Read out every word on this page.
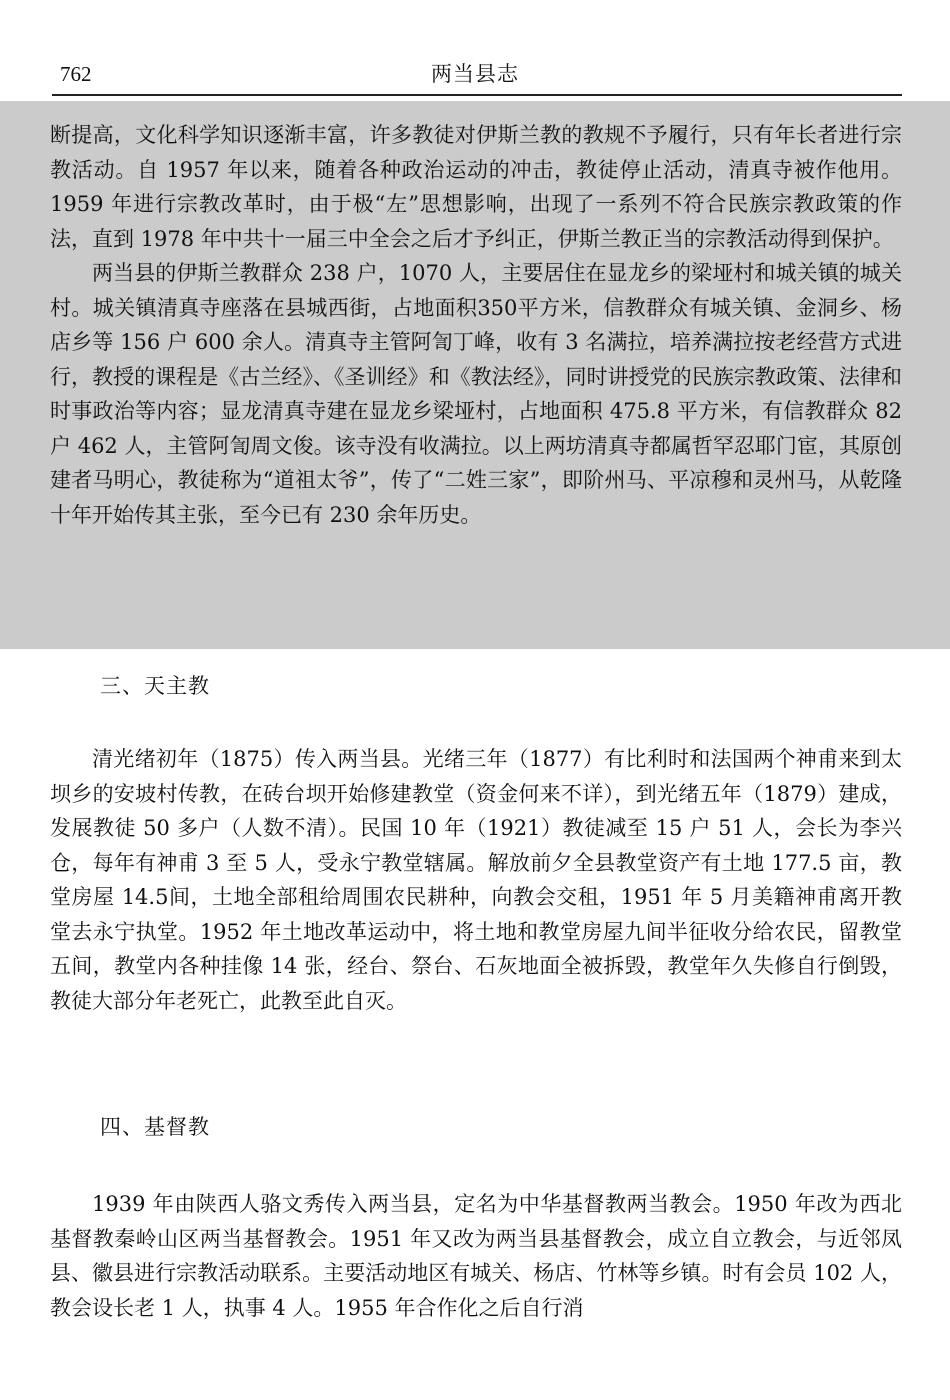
762	两当县志

断提高，文化科学知识逐渐丰富，许多教徒对伊斯兰教的教规不予履行，只有年长者进行宗教活动。自 1957 年以来，随着各种政治运动的冲击，教徒停止活动，清真寺被作他用。1959 年进行宗教改革时，由于极“左”思想影响，出现了一系列不符合民族宗教政策的作法，直到 1978 年中共十一届三中全会之后才予纠正，伊斯兰教正当的宗教活动得到保护。

两当县的伊斯兰教群众 238 户，1070 人，主要居住在显龙乡的梁垭村和城关镇的城关村。城关镇清真寺座落在县城西街，占地面积350平方米，信教群众有城关镇、金洞乡、杨店乡等 156 户 600 余人。清真寺主管阿訇丁峰，收有 3 名满拉，培养满拉按老经营方式进行，教授的课程是《古兰经》、《圣训经》和《教法经》，同时讲授党的民族宗教政策、法律和时事政治等内容；显龙清真寺建在显龙乡梁垭村，占地面积 475.8 平方米，有信教群众 82 户 462 人，主管阿訇周文俊。该寺没有收满拉。以上两坊清真寺都属哲罕忍耶门宦，其原创建者马明心，教徒称为“道祖太爷”，传了“二姓三家”，即阶州马、平凉穆和灵州马，从乾隆十年开始传其主张，至今已有 230 余年历史。

三、天主教

清光绪初年（1875）传入两当县。光绪三年（1877）有比利时和法国两个神甫来到太坝乡的安坡村传教，在砖台坝开始修建教堂（资金何来不详），到光绪五年（1879）建成，发展教徒 50 多户（人数不清）。民国 10 年（1921）教徒减至 15 户 51 人，会长为李兴仓，每年有神甫 3 至 5 人，受永宁教堂辖属。解放前夕全县教堂资产有土地 177.5 亩，教堂房屋 14.5间，土地全部租给周围农民耕种，向教会交租，1951 年 5 月美籍神甫离开教堂去永宁执堂。1952 年土地改革运动中，将土地和教堂房屋九间半征收分给农民，留教堂五间，教堂内各种挂像 14 张，经台、祭台、石灰地面全被拆毁，教堂年久失修自行倒毁，教徒大部分年老死亡，此教至此自灭。

四、基督教

1939 年由陕西人骆文秀传入两当县，定名为中华基督教两当教会。1950 年改为西北基督教秦岭山区两当基督教会。1951 年又改为两当县基督教会，成立自立教会，与近邻凤县、徽县进行宗教活动联系。主要活动地区有城关、杨店、竹林等乡镇。时有会员 102 人，教会设长老 1 人，执事 4 人。1955 年合作化之后自行消
